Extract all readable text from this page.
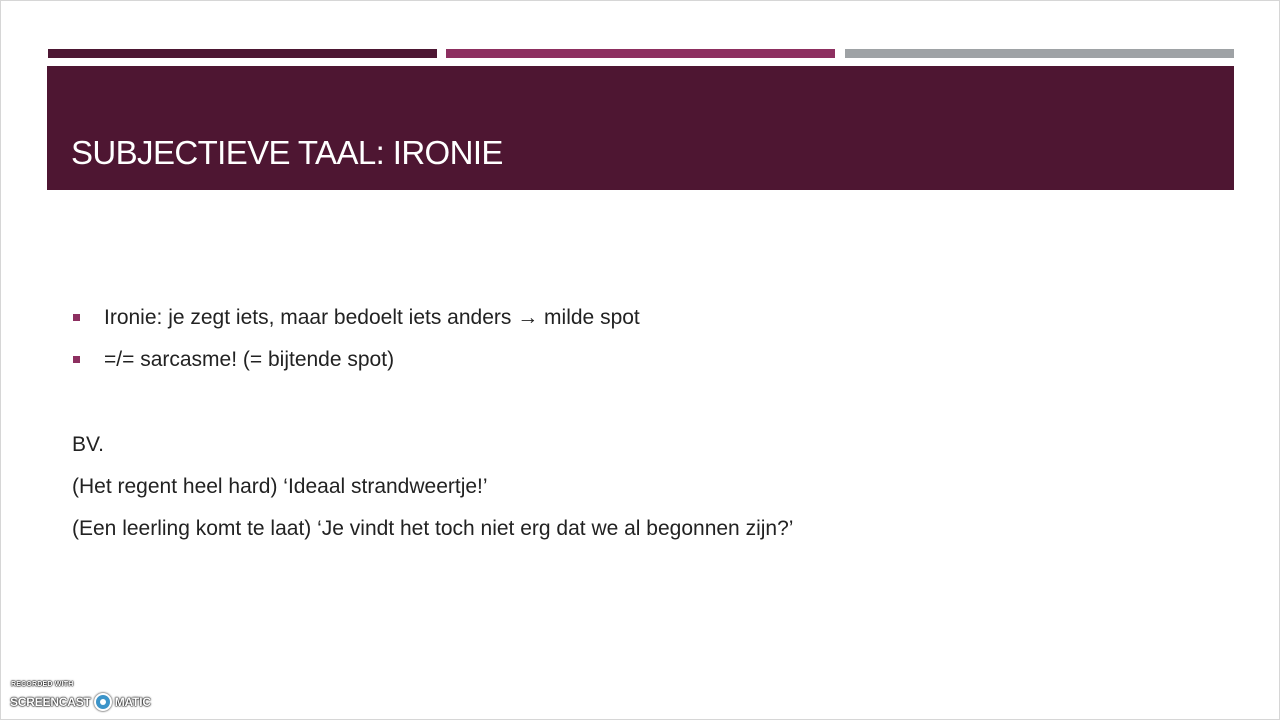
SUBJECTIEVE TAAL: IRONIE
Ironie: je zegt iets, maar bedoelt iets anders → milde spot
=/= sarcasme! (= bijtende spot)
BV.
(Het regent heel hard) ‘Ideaal strandweertje!’
(Een leerling komt te laat) ‘Je vindt het toch niet erg dat we al begonnen zijn?’
RECORDED WITH
SCREENCAST MATIC
